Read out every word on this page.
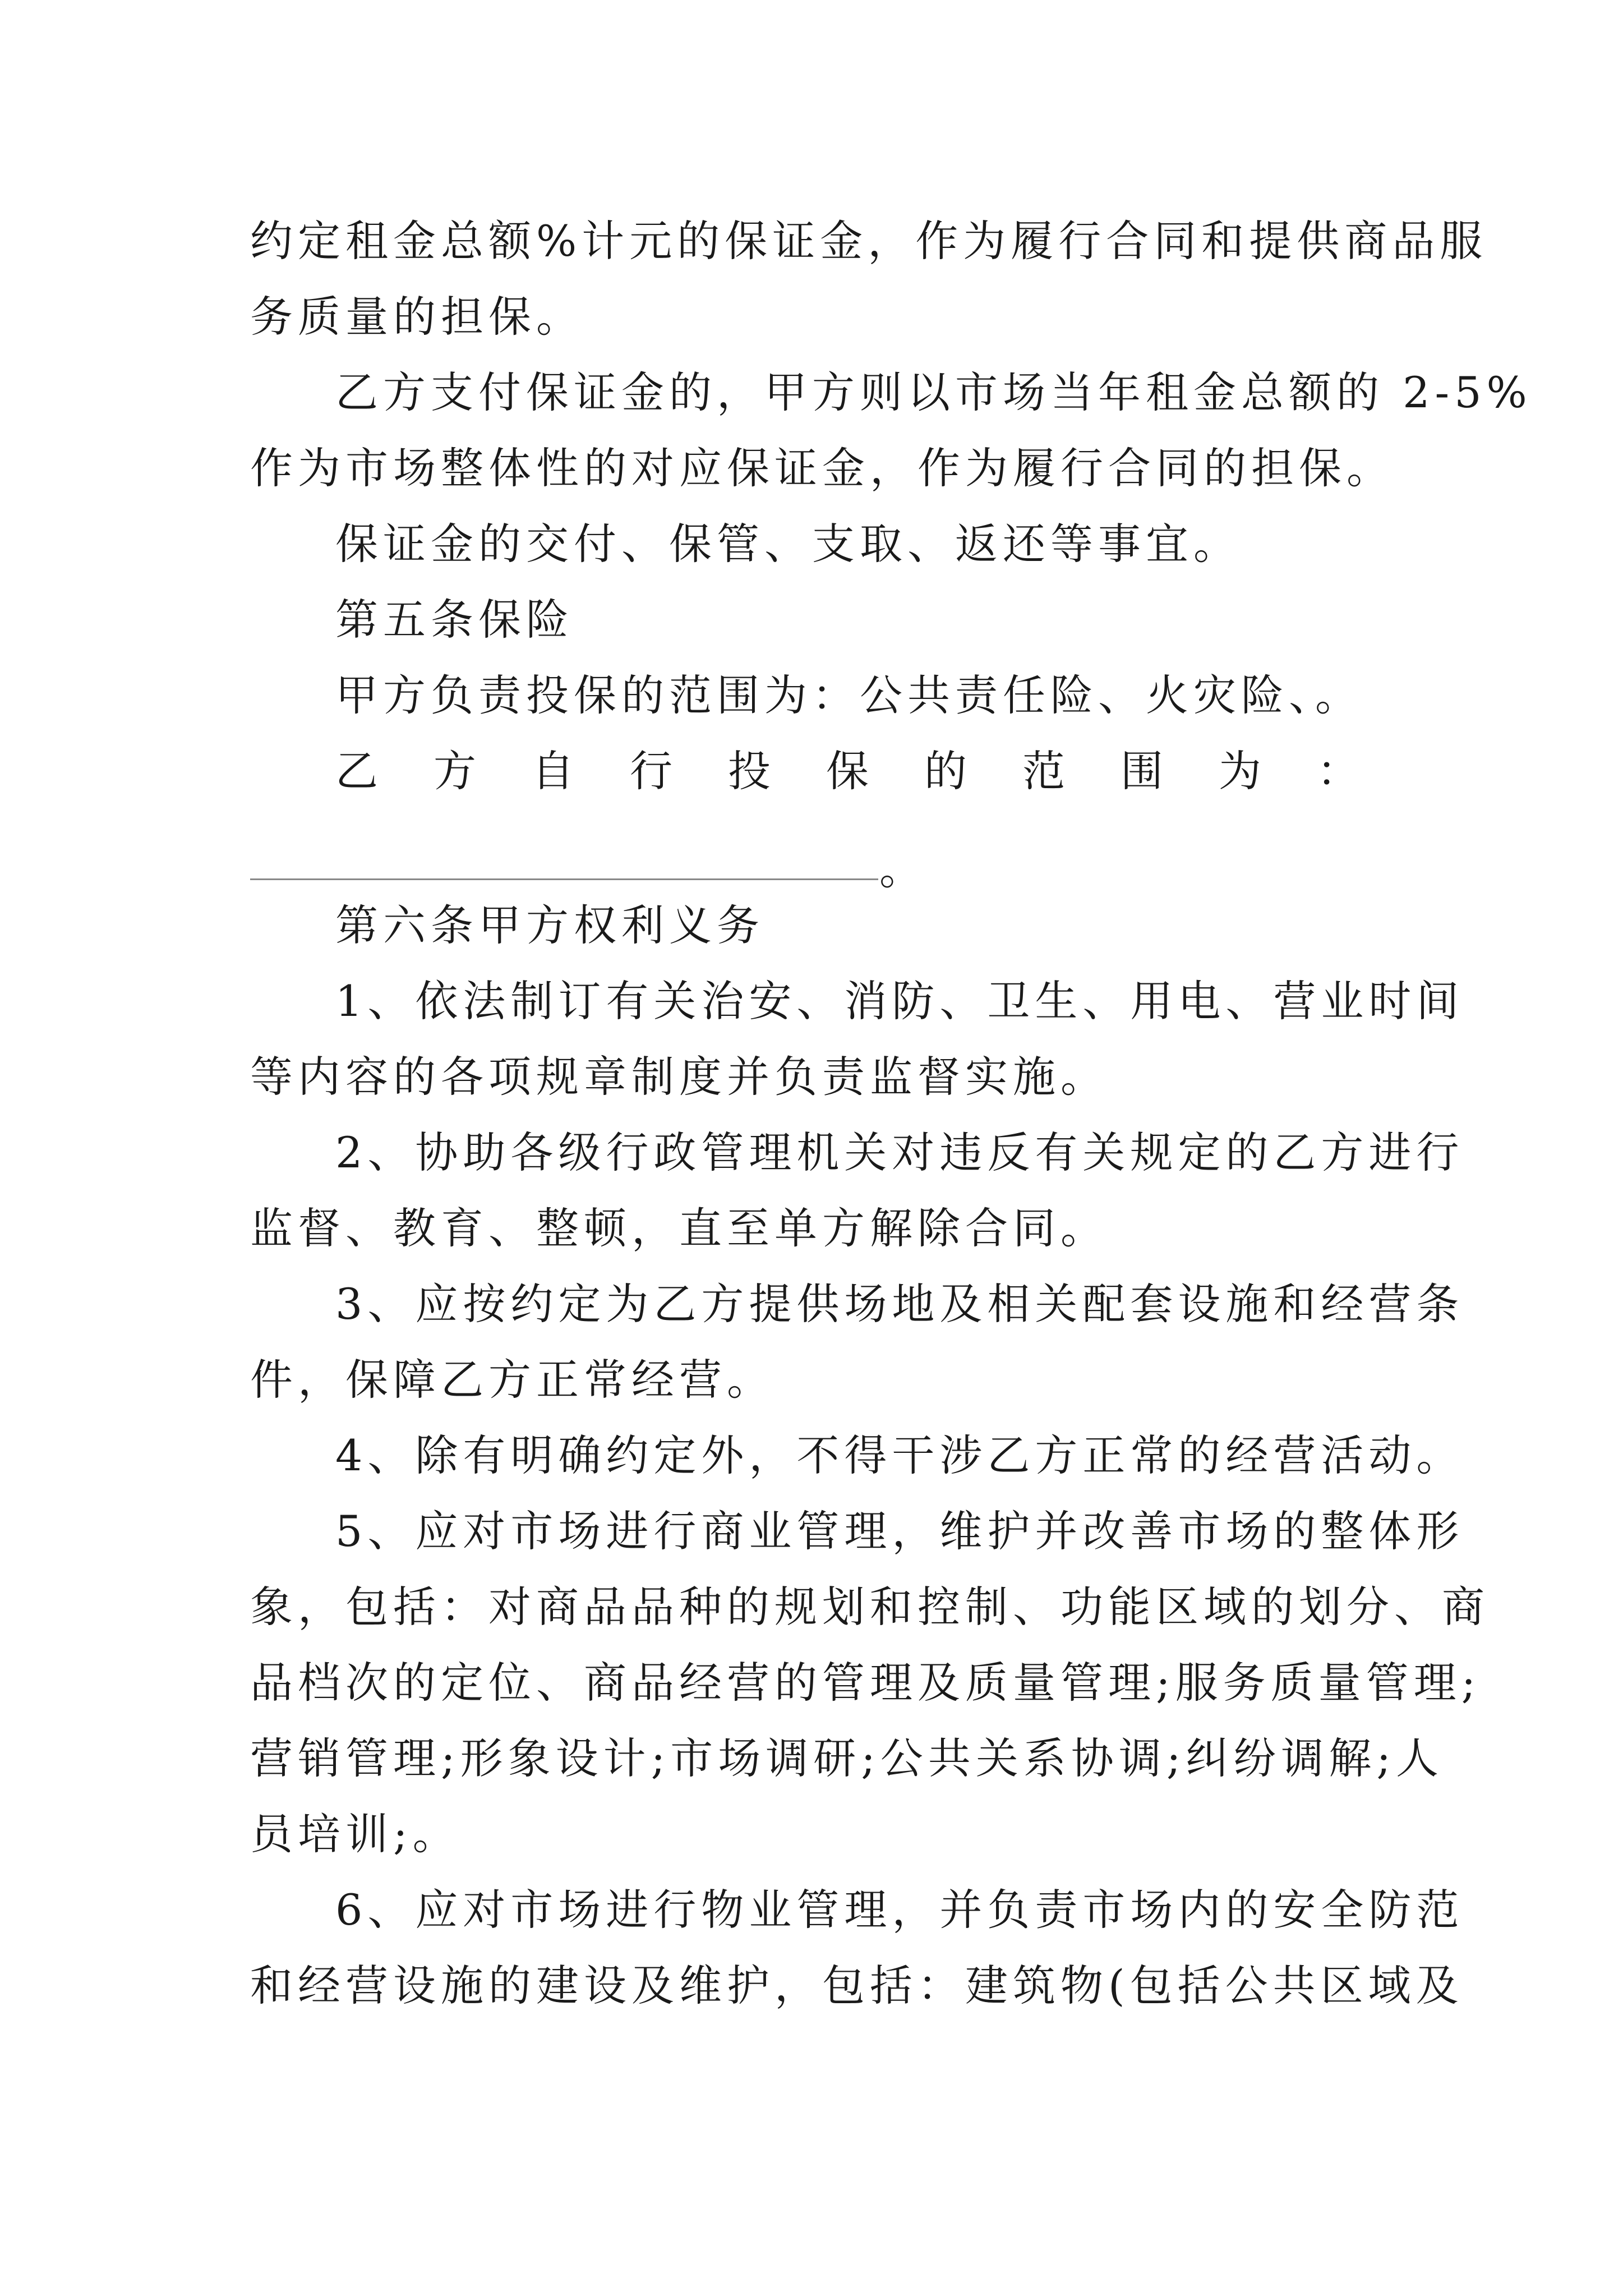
约定租金总额%计元的保证金，作为履行合同和提供商品服
务质量的担保。
乙方支付保证金的，甲方则以市场当年租金总额的 2-5%
作为市场整体性的对应保证金，作为履行合同的担保。
保证金的交付、保管、支取、返还等事宜。
第五条保险
甲方负责投保的范围为：公共责任险、火灾险、。
乙 方 自 行 投 保 的 范 围 为 ：
。
第六条甲方权利义务
1、依法制订有关治安、消防、卫生、用电、营业时间
等内容的各项规章制度并负责监督实施。
2、协助各级行政管理机关对违反有关规定的乙方进行
监督、教育、整顿，直至单方解除合同。
3、应按约定为乙方提供场地及相关配套设施和经营条
件，保障乙方正常经营。
4、除有明确约定外，不得干涉乙方正常的经营活动。
5、应对市场进行商业管理，维护并改善市场的整体形
象，包括：对商品品种的规划和控制、功能区域的划分、商
品档次的定位、商品经营的管理及质量管理;服务质量管理;
营销管理;形象设计;市场调研;公共关系协调;纠纷调解;人
员培训;。
6、应对市场进行物业管理，并负责市场内的安全防范
和经营设施的建设及维护，包括：建筑物(包括公共区域及
